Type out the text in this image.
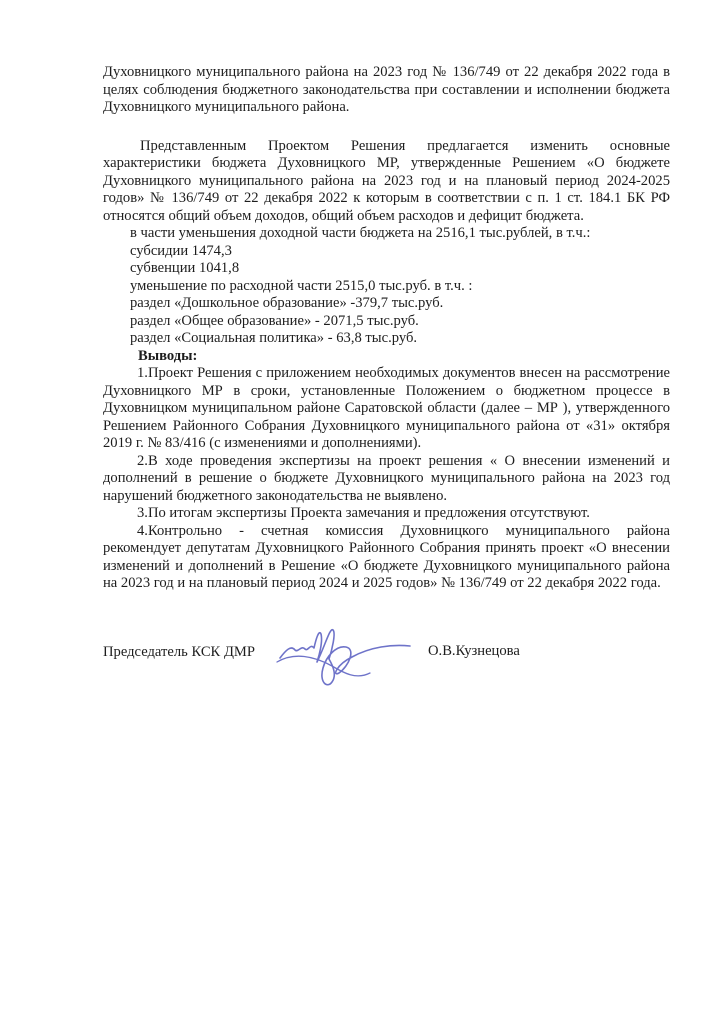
Духовницкого муниципального района на 2023 год № 136/749 от 22 декабря 2022 года в целях соблюдения бюджетного законодательства при составлении и исполнении бюджета Духовницкого муниципального района.

Представленным Проектом Решения предлагается изменить основные характеристики бюджета Духовницкого МР, утвержденные Решением «О бюджете Духовницкого муниципального района на 2023 год и на плановый период 2024-2025 годов» № 136/749 от 22 декабря 2022 к которым в соответствии с п. 1 ст. 184.1 БК РФ относятся общий объем доходов, общий объем расходов и дефицит бюджета.

в части уменьшения доходной части бюджета на 2516,1 тыс.рублей, в т.ч.:
субсидии 1474,3
субвенции 1041,8
уменьшение по расходной части 2515,0 тыс.руб. в т.ч. :
раздел «Дошкольное образование» -379,7 тыс.руб.
раздел «Общее образование» - 2071,5 тыс.руб.
раздел «Социальная политика» - 63,8 тыс.руб.
Выводы:

1.Проект Решения с приложением необходимых документов внесен на рассмотрение Духовницкого МР в сроки, установленные Положением о бюджетном процессе в Духовницком муниципальном районе Саратовской области (далее – МР ), утвержденного Решением Районного Собрания Духовницкого муниципального района от «31» октября 2019 г. № 83/416 (с изменениями и дополнениями).

2.В ходе проведения экспертизы на проект решения « О внесении изменений и дополнений в решение о бюджете Духовницкого муниципального района на 2023 год нарушений бюджетного законодательства не выявлено.

3.По итогам экспертизы Проекта замечания и предложения отсутствуют.

4.Контрольно - счетная комиссия Духовницкого муниципального района рекомендует депутатам Духовницкого Районного Собрания принять проект «О внесении изменений и дополнений в Решение «О бюджете Духовницкого муниципального района на 2023 год и на плановый период 2024 и 2025 годов» № 136/749 от 22 декабря 2022 года.

Председатель КСК ДМР	О.В.Кузнецова
